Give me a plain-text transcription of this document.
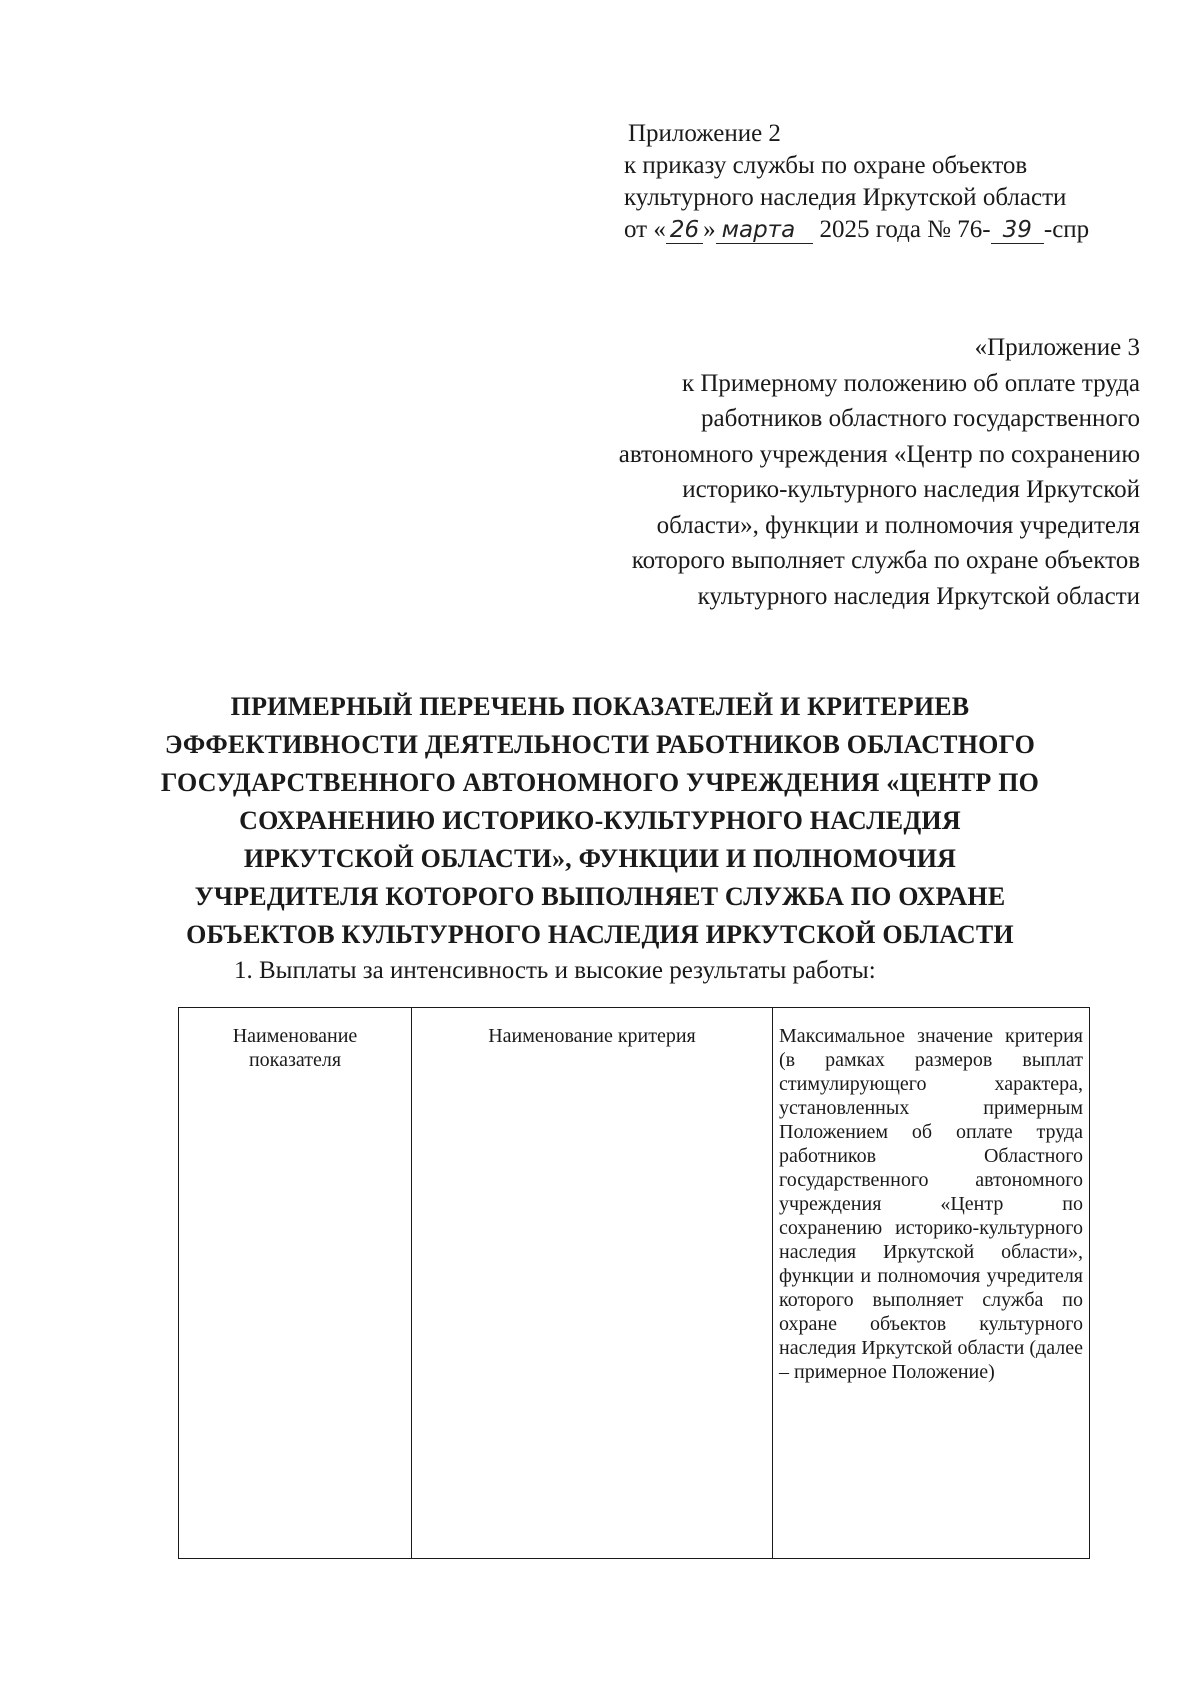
Приложение 2
к приказу службы по охране объектов
культурного наследия Иркутской области
от « 26 » марта 2025 года № 76- 39 -спр
«Приложение 3
к Примерному положению об оплате труда
работников областного государственного
автономного учреждения «Центр по сохранению
историко-культурного наследия Иркутской
области», функции и полномочия учредителя
которого выполняет служба по охране объектов
культурного наследия Иркутской области
ПРИМЕРНЫЙ ПЕРЕЧЕНЬ ПОКАЗАТЕЛЕЙ И КРИТЕРИЕВ
ЭФФЕКТИВНОСТИ ДЕЯТЕЛЬНОСТИ РАБОТНИКОВ ОБЛАСТНОГО
ГОСУДАРСТВЕННОГО АВТОНОМНОГО УЧРЕЖДЕНИЯ «ЦЕНТР ПО
СОХРАНЕНИЮ ИСТОРИКО-КУЛЬТУРНОГО НАСЛЕДИЯ
ИРКУТСКОЙ ОБЛАСТИ», ФУНКЦИИ И ПОЛНОМОЧИЯ
УЧРЕДИТЕЛЯ КОТОРОГО ВЫПОЛНЯЕТ СЛУЖБА ПО ОХРАНЕ
ОБЪЕКТОВ КУЛЬТУРНОГО НАСЛЕДИЯ ИРКУТСКОЙ ОБЛАСТИ
1. Выплаты за интенсивность и высокие результаты работы:
Наименование показателя
Наименование критерия	Максимальное значение критерия (в рамках размеров выплат стимулирующего характера, установленных примерным Положением об оплате труда работников Областного государственного автономного учреждения «Центр по сохранению историко-культурного наследия Иркутской области», функции и полномочия учредителя которого выполняет служба по охране объектов культурного наследия Иркутской области (далее – примерное Положение)
